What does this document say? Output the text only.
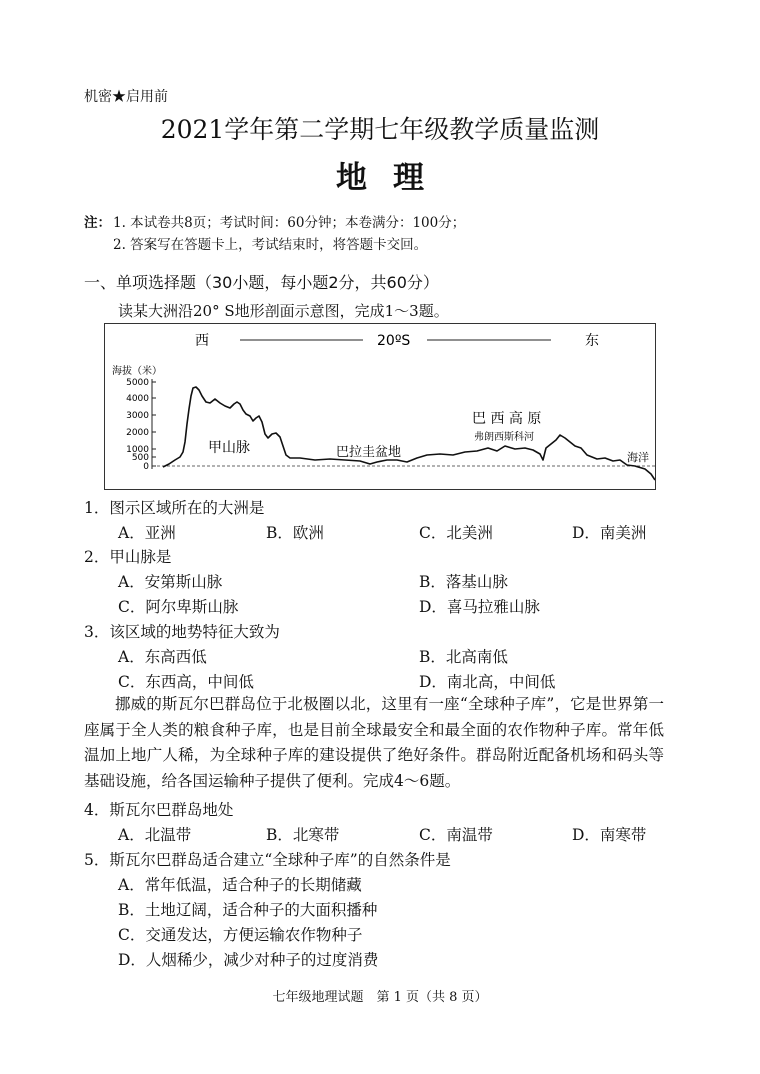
机密★启用前
2021学年第二学期七年级教学质量监测
地理
注： 1. 本试卷共8页；考试时间：60分钟；本卷满分：100分；
2. 答案写在答题卡上，考试结束时，将答题卡交回。
一、单项选择题（30小题，每小题2分，共60分）
读某大洲沿20° S地形剖面示意图，完成1～3题。
西	20ºS	东
海拔（米）
5000
4000
3000
2000
1000
500
0
甲山脉	巴拉圭盆地
巴 西 高 原
弗朗西斯科河
海洋
1．图示区域所在的大洲是
A．亚洲	B．欧洲	C．北美洲	D．南美洲
2．甲山脉是
A．安第斯山脉	B．落基山脉
C．阿尔卑斯山脉	D．喜马拉雅山脉
3．该区域的地势特征大致为
A．东高西低	B．北高南低
C．东西高，中间低	D．南北高，中间低
挪威的斯瓦尔巴群岛位于北极圈以北，这里有一座“全球种子库”，它是世界第一座属于全人类的粮食种子库，也是目前全球最安全和最全面的农作物种子库。常年低温加上地广人稀，为全球种子库的建设提供了绝好条件。群岛附近配备机场和码头等基础设施，给各国运输种子提供了便利。完成4～6题。
4．斯瓦尔巴群岛地处
A．北温带	B．北寒带	C．南温带	D．南寒带
5．斯瓦尔巴群岛适合建立“全球种子库”的自然条件是
A．常年低温，适合种子的长期储藏
B．土地辽阔，适合种子的大面积播种
C．交通发达，方便运输农作物种子
D．人烟稀少，减少对种子的过度消费
七年级地理试题　第 1 页（共 8 页）
